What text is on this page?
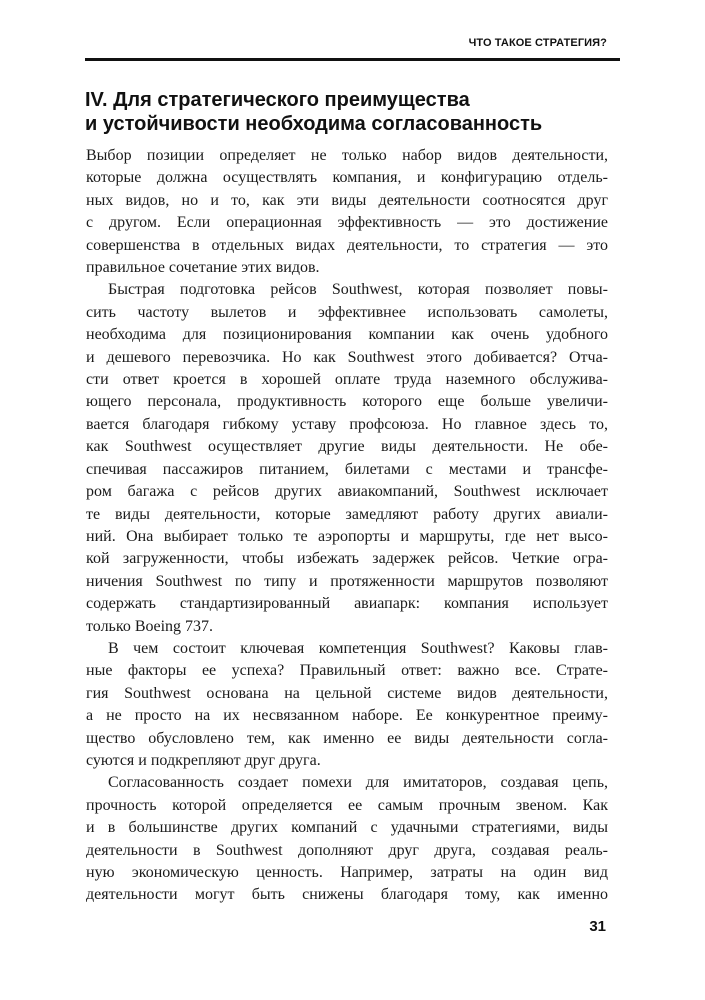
ЧТО ТАКОЕ СТРАТЕГИЯ?
IV. Для стратегического преимущества
и устойчивости необходима согласованность
Выбор позиции определяет не только набор видов деятельности,
которые должна осуществлять компания, и конфигурацию отдель-
ных видов, но и то, как эти виды деятельности соотносятся друг
с другом. Если операционная эффективность — это достижение
совершенства в отдельных видах деятельности, то стратегия — это
правильное сочетание этих видов.
Быстрая подготовка рейсов Southwest, которая позволяет повы-
сить частоту вылетов и эффективнее использовать самолеты,
необходима для позиционирования компании как очень удобного
и дешевого перевозчика. Но как Southwest этого добивается? Отча-
сти ответ кроется в хорошей оплате труда наземного обслужива-
ющего персонала, продуктивность которого еще больше увеличи-
вается благодаря гибкому уставу профсоюза. Но главное здесь то,
как Southwest осуществляет другие виды деятельности. Не обе-
спечивая пассажиров питанием, билетами с местами и трансфе-
ром багажа с рейсов других авиакомпаний, Southwest исключает
те виды деятельности, которые замедляют работу других авиали-
ний. Она выбирает только те аэропорты и маршруты, где нет высо-
кой загруженности, чтобы избежать задержек рейсов. Четкие огра-
ничения Southwest по типу и протяженности маршрутов позволяют
содержать стандартизированный авиапарк: компания использует
только Boeing 737.
В чем состоит ключевая компетенция Southwest? Каковы глав-
ные факторы ее успеха? Правильный ответ: важно все. Страте-
гия Southwest основана на цельной системе видов деятельности,
а не просто на их несвязанном наборе. Ее конкурентное преиму-
щество обусловлено тем, как именно ее виды деятельности согла-
суются и подкрепляют друг друга.
Согласованность создает помехи для имитаторов, создавая цепь,
прочность которой определяется ее самым прочным звеном. Как
и в большинстве других компаний с удачными стратегиями, виды
деятельности в Southwest дополняют друг друга, создавая реаль-
ную экономическую ценность. Например, затраты на один вид
деятельности могут быть снижены благодаря тому, как именно
31
